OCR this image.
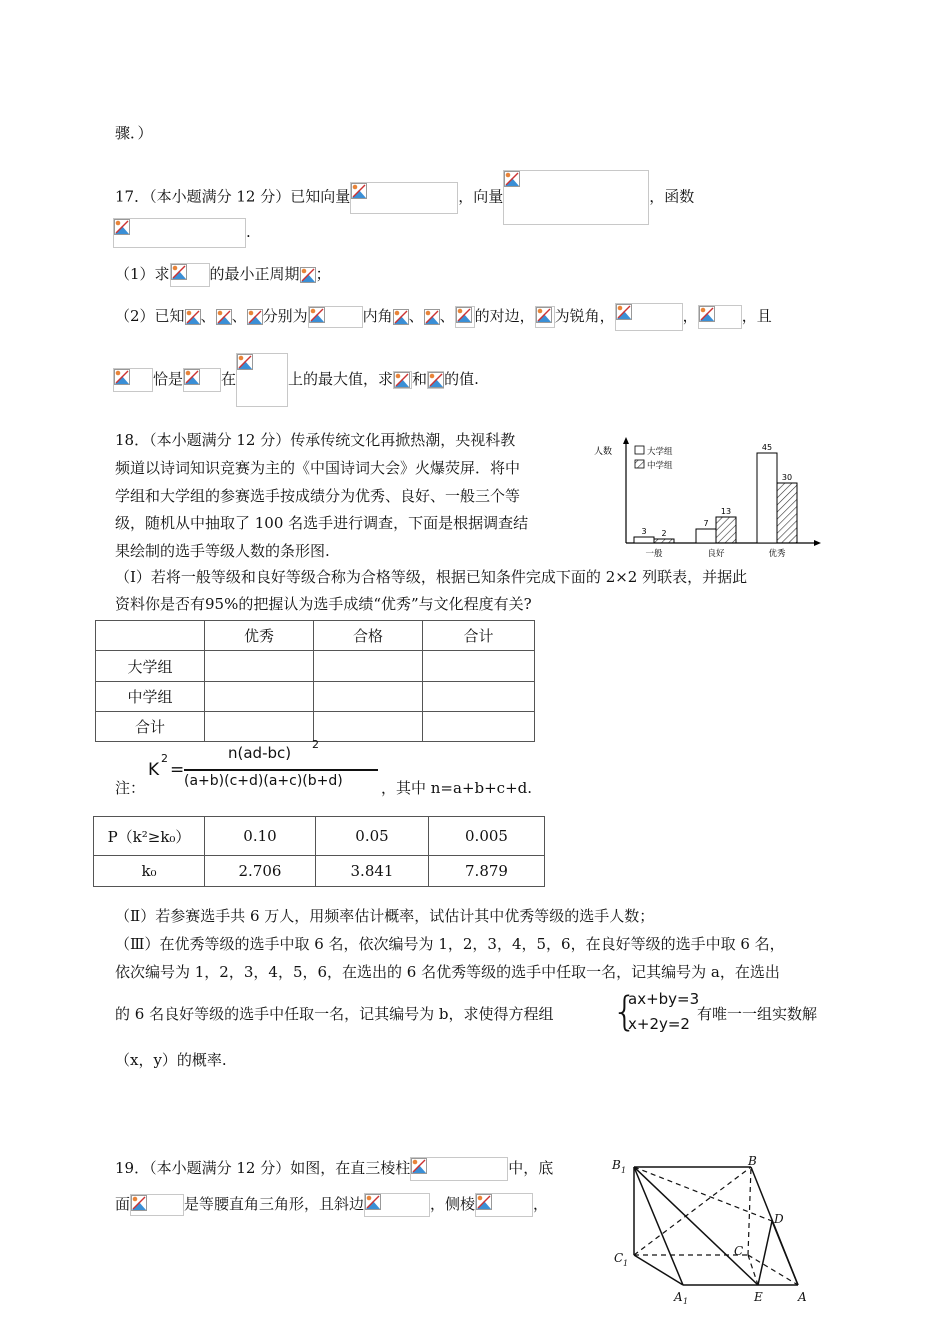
骤．）
17．（本小题满分 12 分）已知向量	，向量	，函数
.
（1）求	的最小正周期 ；
（2）已知 、 、 分别为	内角 、 、 的对边， 为锐角，	，	，且
恰是	在	上的最大值，求 和 的值.
18．（本小题满分 12 分）传承传统文化再掀热潮，央视科教
频道以诗词知识竞赛为主的《中国诗词大会》火爆荧屏．将中
学组和大学组的参赛选手按成绩分为优秀、良好、一般三个等
级，随机从中抽取了 100 名选手进行调查，下面是根据调查结
果绘制的选手等级人数的条形图.
人数	大学组
中学组
3 2
一般
7
13
良好
45
30
优秀
（Ⅰ）若将一般等级和良好等级合称为合格等级，根据已知条件完成下面的 2×2 列联表，并据此
资料你是否有95%的把握认为选手成绩“优秀”与文化程度有关?
	优秀	合格	合计
大学组			
中学组			
合计			
注：
K
2
=
n(ad-bc) 2
(a+b)(c+d)(a+c)(b+d)	，其中 n=a+b+c+d.
P（k²≥k₀）	0.10	0.05	0.005
k₀	2.706	3.841	7.879
（Ⅱ）若参赛选手共 6 万人，用频率估计概率，试估计其中优秀等级的选手人数；
（Ⅲ）在优秀等级的选手中取 6 名，依次编号为 1，2，3，4，5，6，在良好等级的选手中取 6 名，
依次编号为 1，2，3，4，5，6，在选出的 6 名优秀等级的选手中任取一名，记其编号为 a，在选出
的 6 名良好等级的选手中任取一名，记其编号为 b，求使得方程组 {
ax+by=3
x+2y=2
有唯一一组实数解
（x，y）的概率.
19．（本小题满分 12 分）如图，在直三棱柱	中，底
面	是等腰直角三角形，且斜边	，侧棱	，
B 1
B
C 1
C
D
A 1	E	A
